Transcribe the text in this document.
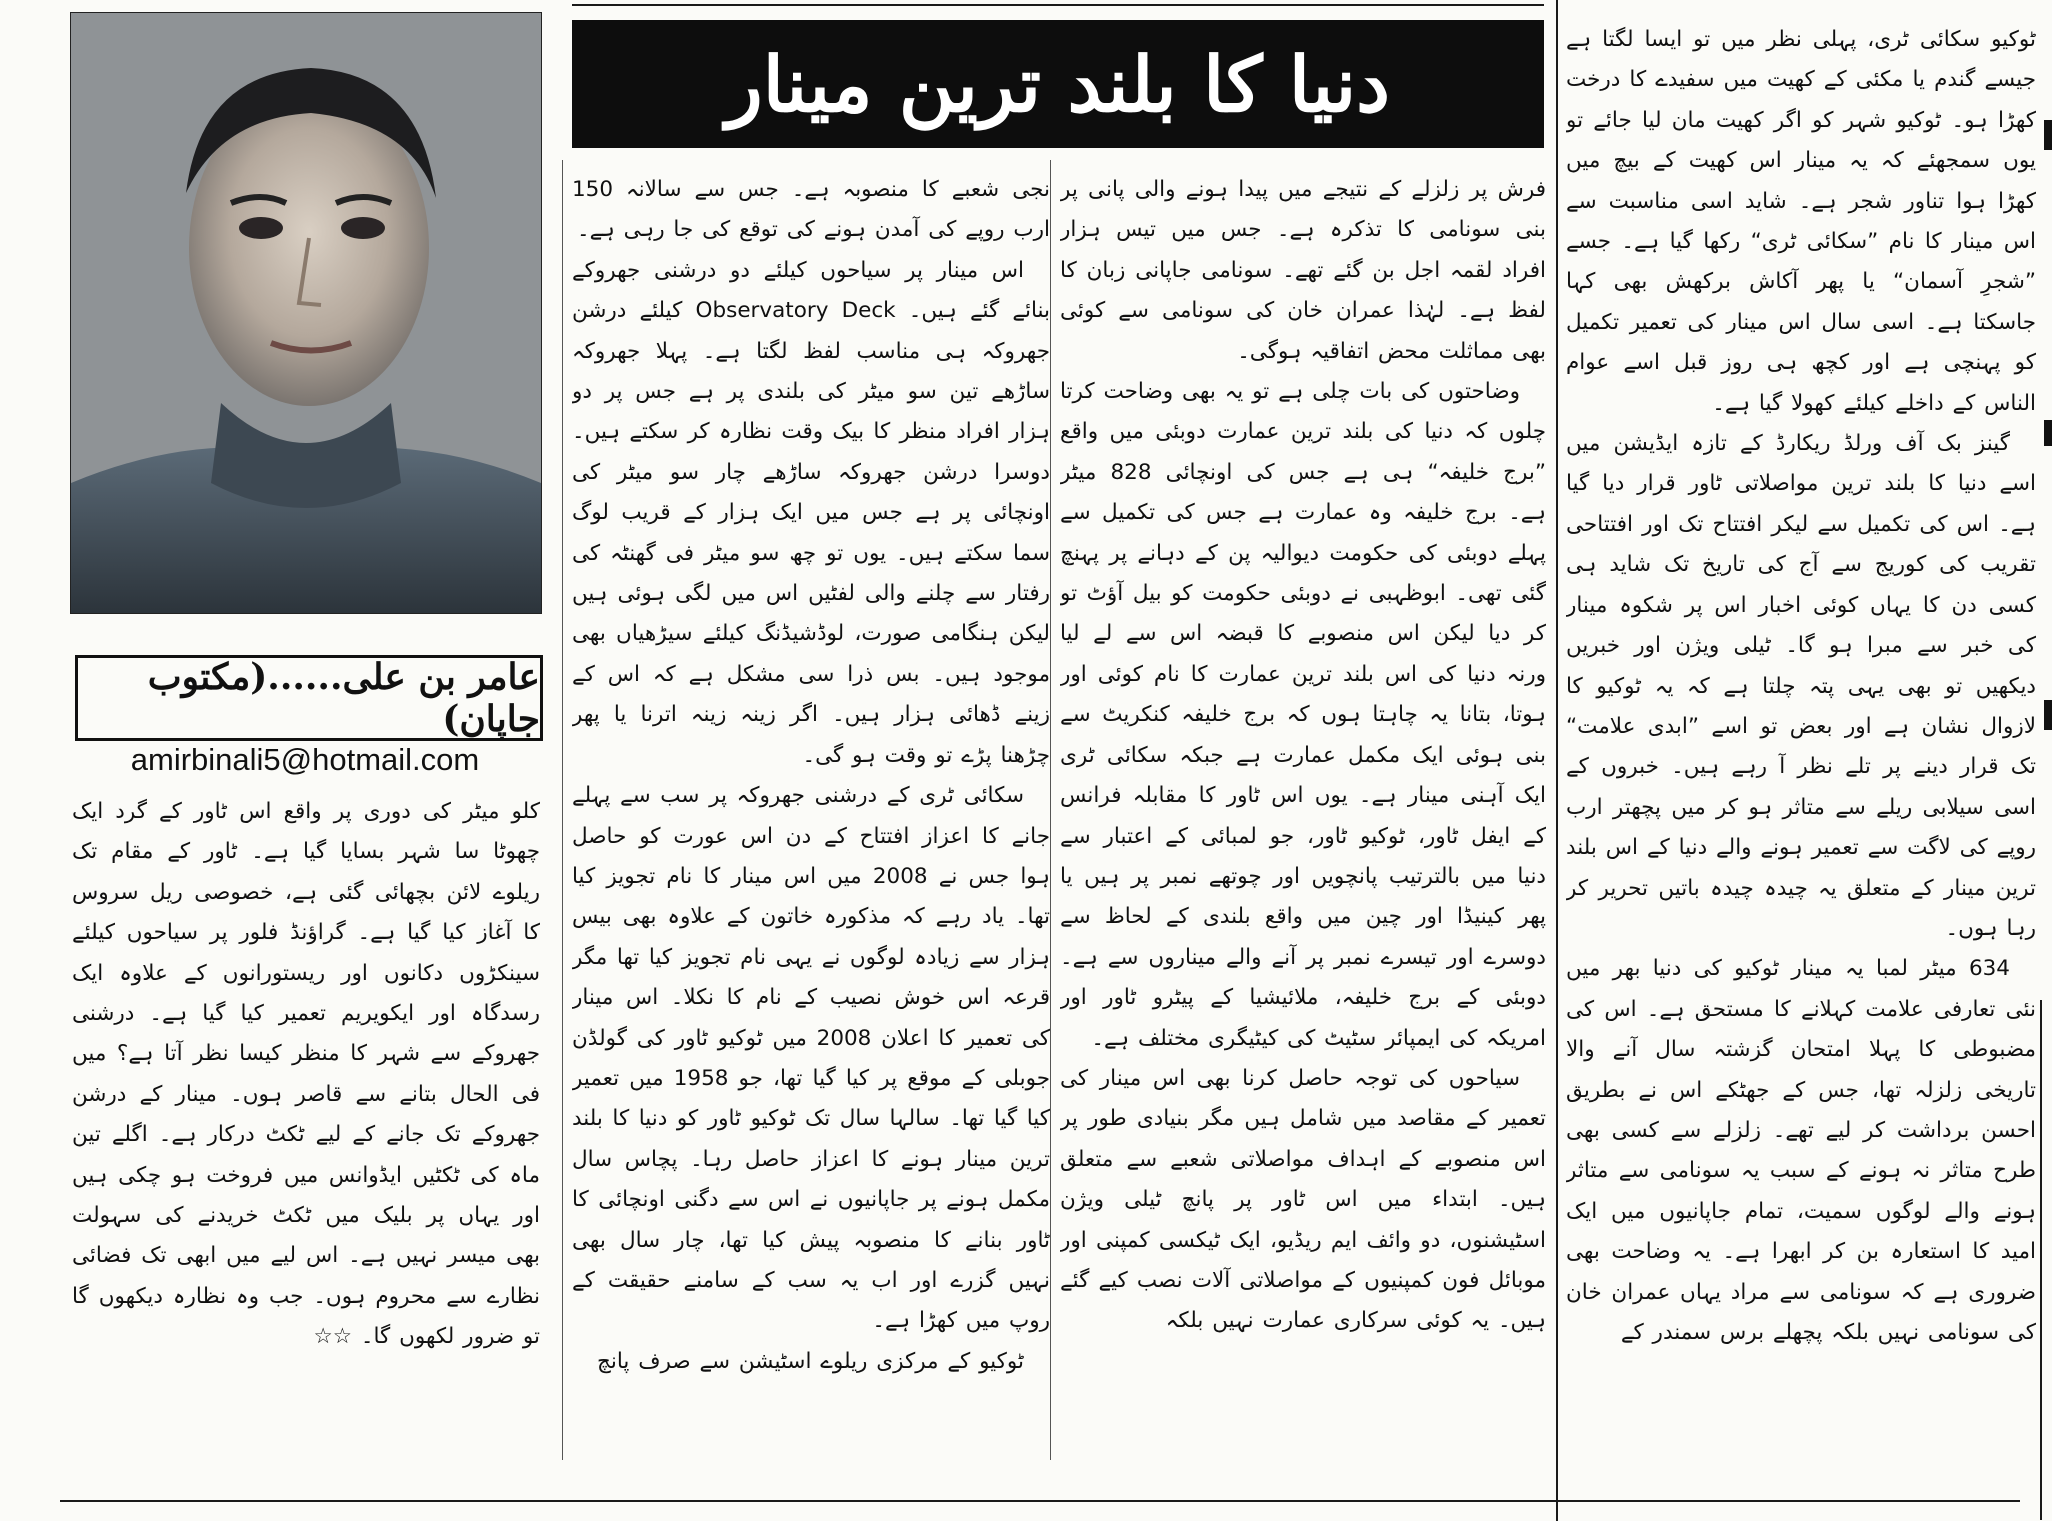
دنیا کا بلند ترین مینار
عامر بن علی......(مکتوب جاپان)
amirbinali5@hotmail.com

ٹوکیو سکائی ٹری، پہلی نظر میں تو ایسا لگتا ہے جیسے گندم یا مکئی کے کھیت میں سفیدے کا درخت کھڑا ہو۔ ٹوکیو شہر کو اگر کھیت مان لیا جائے تو یوں سمجھئے کہ یہ مینار اس کھیت کے بیچ میں کھڑا ہوا تناور شجر ہے۔ شاید اسی مناسبت سے اس مینار کا نام ”سکائی ٹری“ رکھا گیا ہے۔ جسے ”شجرِ آسمان“ یا پھر آکاش برکھش بھی کہا جاسکتا ہے۔ اسی سال اس مینار کی تعمیر تکمیل کو پہنچی ہے اور کچھ ہی روز قبل اسے عوام الناس کے داخلے کیلئے کھولا گیا ہے۔

گینز بک آف ورلڈ ریکارڈ کے تازہ ایڈیشن میں اسے دنیا کا بلند ترین مواصلاتی ٹاور قرار دیا گیا ہے۔ اس کی تکمیل سے لیکر افتتاح تک اور افتتاحی تقریب کی کوریج سے آج کی تاریخ تک شاید ہی کسی دن کا یہاں کوئی اخبار اس پر شکوہ مینار کی خبر سے مبرا ہو گا۔ ٹیلی ویژن اور خبریں دیکھیں تو بھی یہی پتہ چلتا ہے کہ یہ ٹوکیو کا لازوال نشان ہے اور بعض تو اسے ”ابدی علامت“ تک قرار دینے پر تلے نظر آ رہے ہیں۔ خبروں کے اسی سیلابی ریلے سے متاثر ہو کر میں پچھتر ارب روپے کی لاگت سے تعمیر ہونے والے دنیا کے اس بلند ترین مینار کے متعلق یہ چیدہ چیدہ باتیں تحریر کر رہا ہوں۔

634 میٹر لمبا یہ مینار ٹوکیو کی دنیا بھر میں نئی تعارفی علامت کہلانے کا مستحق ہے۔ اس کی مضبوطی کا پہلا امتحان گزشتہ سال آنے والا تاریخی زلزلہ تھا، جس کے جھٹکے اس نے بطریق احسن برداشت کر لیے تھے۔ زلزلے سے کسی بھی طرح متاثر نہ ہونے کے سبب یہ سونامی سے متاثر ہونے والے لوگوں سمیت، تمام جاپانیوں میں ایک امید کا استعارہ بن کر ابھرا ہے۔ یہ وضاحت بھی ضروری ہے کہ سونامی سے مراد یہاں عمران خان کی سونامی نہیں بلکہ پچھلے برس سمندر کے

فرش پر زلزلے کے نتیجے میں پیدا ہونے والی پانی پر بنی سونامی کا تذکرہ ہے۔ جس میں تیس ہزار افراد لقمہ اجل بن گئے تھے۔ سونامی جاپانی زبان کا لفظ ہے۔ لہٰذا عمران خان کی سونامی سے کوئی بھی مماثلت محض اتفاقیہ ہوگی۔

وضاحتوں کی بات چلی ہے تو یہ بھی وضاحت کرتا چلوں کہ دنیا کی بلند ترین عمارت دوبئی میں واقع ”برج خلیفہ“ ہی ہے جس کی اونچائی 828 میٹر ہے۔ برج خلیفہ وہ عمارت ہے جس کی تکمیل سے پہلے دوبئی کی حکومت دیوالیہ پن کے دہانے پر پہنچ گئی تھی۔ ابوظہبی نے دوبئی حکومت کو بیل آؤٹ تو کر دیا لیکن اس منصوبے کا قبضہ اس سے لے لیا ورنہ دنیا کی اس بلند ترین عمارت کا نام کوئی اور ہوتا، بتانا یہ چاہتا ہوں کہ برج خلیفہ کنکریٹ سے بنی ہوئی ایک مکمل عمارت ہے جبکہ سکائی ٹری ایک آہنی مینار ہے۔ یوں اس ٹاور کا مقابلہ فرانس کے ایفل ٹاور، ٹوکیو ٹاور، جو لمبائی کے اعتبار سے دنیا میں بالترتیب پانچویں اور چوتھے نمبر پر ہیں یا پھر کینیڈا اور چین میں واقع بلندی کے لحاظ سے دوسرے اور تیسرے نمبر پر آنے والے میناروں سے ہے۔ دوبئی کے برج خلیفہ، ملائیشیا کے پیٹرو ٹاور اور امریکہ کی ایمپائر سٹیٹ کی کیٹیگری مختلف ہے۔

سیاحوں کی توجہ حاصل کرنا بھی اس مینار کی تعمیر کے مقاصد میں شامل ہیں مگر بنیادی طور پر اس منصوبے کے اہداف مواصلاتی شعبے سے متعلق ہیں۔ ابتداء میں اس ٹاور پر پانچ ٹیلی ویژن اسٹیشنوں، دو وائف ایم ریڈیو، ایک ٹیکسی کمپنی اور موبائل فون کمپنیوں کے مواصلاتی آلات نصب کیے گئے ہیں۔ یہ کوئی سرکاری عمارت نہیں بلکہ

نجی شعبے کا منصوبہ ہے۔ جس سے سالانہ 150 ارب روپے کی آمدن ہونے کی توقع کی جا رہی ہے۔

اس مینار پر سیاحوں کیلئے دو درشنی جھروکے بنائے گئے ہیں۔ Observatory Deck کیلئے درشن جھروکہ ہی مناسب لفظ لگتا ہے۔ پہلا جھروکہ ساڑھے تین سو میٹر کی بلندی پر ہے جس پر دو ہزار افراد منظر کا بیک وقت نظارہ کر سکتے ہیں۔ دوسرا درشن جھروکہ ساڑھے چار سو میٹر کی اونچائی پر ہے جس میں ایک ہزار کے قریب لوگ سما سکتے ہیں۔ یوں تو چھ سو میٹر فی گھنٹہ کی رفتار سے چلنے والی لفٹیں اس میں لگی ہوئی ہیں لیکن ہنگامی صورت، لوڈشیڈنگ کیلئے سیڑھیاں بھی موجود ہیں۔ بس ذرا سی مشکل ہے کہ اس کے زینے ڈھائی ہزار ہیں۔ اگر زینہ زینہ اترنا یا پھر چڑھنا پڑے تو وقت ہو گی۔

سکائی ٹری کے درشنی جھروکہ پر سب سے پہلے جانے کا اعزاز افتتاح کے دن اس عورت کو حاصل ہوا جس نے 2008 میں اس مینار کا نام تجویز کیا تھا۔ یاد رہے کہ مذکورہ خاتون کے علاوہ بھی بیس ہزار سے زیادہ لوگوں نے یہی نام تجویز کیا تھا مگر قرعہ اس خوش نصیب کے نام کا نکلا۔ اس مینار کی تعمیر کا اعلان 2008 میں ٹوکیو ٹاور کی گولڈن جوبلی کے موقع پر کیا گیا تھا، جو 1958 میں تعمیر کیا گیا تھا۔ سالہا سال تک ٹوکیو ٹاور کو دنیا کا بلند ترین مینار ہونے کا اعزاز حاصل رہا۔ پچاس سال مکمل ہونے پر جاپانیوں نے اس سے دگنی اونچائی کا ٹاور بنانے کا منصوبہ پیش کیا تھا، چار سال بھی نہیں گزرے اور اب یہ سب کے سامنے حقیقت کے روپ میں کھڑا ہے۔

ٹوکیو کے مرکزی ریلوے اسٹیشن سے صرف پانچ

کلو میٹر کی دوری پر واقع اس ٹاور کے گرد ایک چھوٹا سا شہر بسایا گیا ہے۔ ٹاور کے مقام تک ریلوے لائن بچھائی گئی ہے، خصوصی ریل سروس کا آغاز کیا گیا ہے۔ گراؤنڈ فلور پر سیاحوں کیلئے سینکڑوں دکانوں اور ریستورانوں کے علاوہ ایک رسدگاہ اور ایکویریم تعمیر کیا گیا ہے۔ درشنی جھروکے سے شہر کا منظر کیسا نظر آتا ہے؟ میں فی الحال بتانے سے قاصر ہوں۔ مینار کے درشن جھروکے تک جانے کے لیے ٹکٹ درکار ہے۔ اگلے تین ماہ کی ٹکٹیں ایڈوانس میں فروخت ہو چکی ہیں اور یہاں پر بلیک میں ٹکٹ خریدنے کی سہولت بھی میسر نہیں ہے۔ اس لیے میں ابھی تک فضائی نظارے سے محروم ہوں۔ جب وہ نظارہ دیکھوں گا تو ضرور لکھوں گا۔ ☆☆
